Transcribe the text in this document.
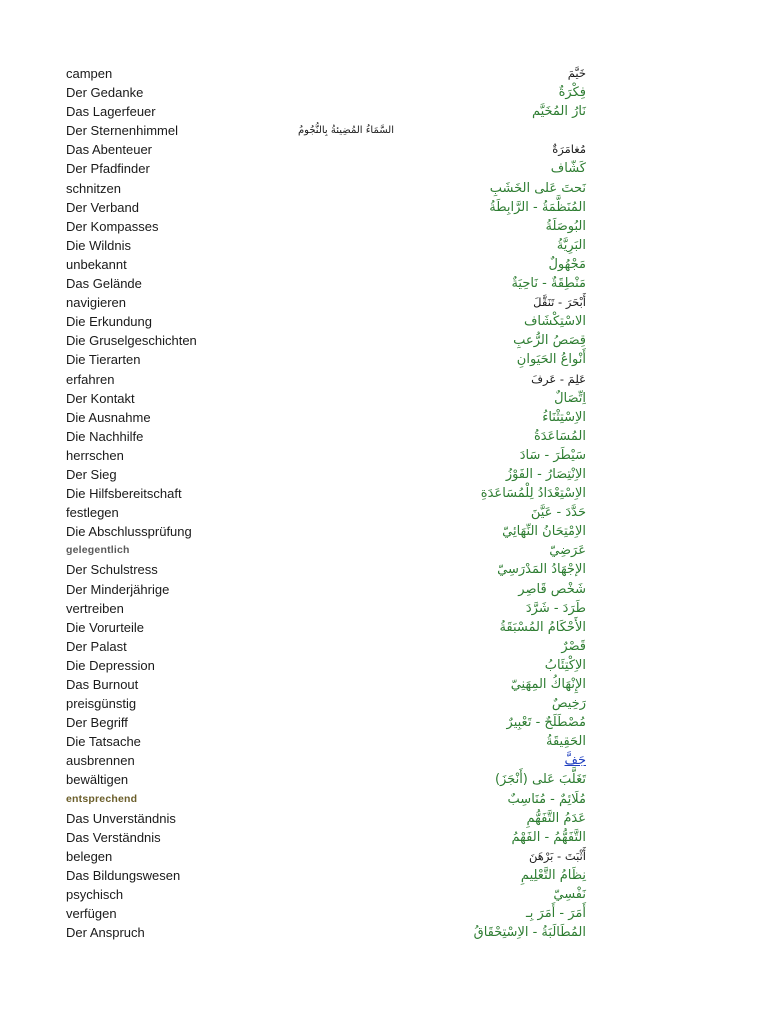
campen	خَيَّمَ
Der Gedanke	فِكْرَةٌ
Das Lagerfeuer	نَارُ المُخَيَّم
Der Sternenhimmel	السَّمَاءُ المُضِيئةُ بِالنُّجُومُ
Das Abenteuer	مُغامَرَةٌ
Der Pfadfinder	كَشّاف
schnitzen	نَحتَ عَلى الخَشَبِ
Der Verband	المُنَظَّمَةُ - الرَّابِطَةُ
Der Kompasses	البُوصَلَةُ
Die Wildnis	البَرِيَّةُ
unbekannt	مَجْهُولٌ
Das Gelände	مَنْطِقَةٌ - نَاحِيَةٌ
navigieren	أَبْحَرَ - تَنَقَّلَ
Die Erkundung	الاسْتِكْشَاف
Die Gruselgeschichten	قِصَصُ الرُّعبِ
Die Tierarten	أَنْواعُ الحَيَوانِ
erfahren	عَلِمَ - عَرفَ
Der Kontakt	اِتِّصَالٌ
Die Ausnahme	الاِسْتِثْنَاءُ
Die Nachhilfe	المُسَاعَدَةُ
herrschen	سَيْطَرَ - سَادَ
Der Sieg	الاِنْتِصَارُ - الفَوْزُ
Die Hilfsbereitschaft	الاِسْتِعْدَادُ لِلْمُسَاعَدَةِ
festlegen	حَدَّدَ - عَيَّنَ
Die Abschlussprüfung	الاِمْتِحَانُ النِّهَائِيّ
gelegentlich	عَرَضِيّ
Der Schulstress	الإجْهَادُ المَدْرَسِيّ
Der Minderjährige	شَخْص قَاصِر
vertreiben	طَرَدَ - شَرَّدَ
Die Vorurteile	الأَحْكَامُ المُسْبَقَةُ
Der Palast	قَصْرٌ
Die Depression	الاِكْتِئَابُ
Das Burnout	الإِنْهَاكُ المِهَنِيّ
preisgünstig	رَخِيصٌ
Der Begriff	مُصْطَلَحٌ - تَعْبِيرٌ
Die Tatsache	الحَقِيقَةُ
ausbrennen	جَفَّ
bewältigen	تَغَلَّبَ عَلى (أَنْجَزَ)
entsprechend	مُلَائِمٌ - مُنَاسِبٌ
Das Unverständnis	عَدَمُ التَّفَهُّمِ
Das Verständnis	التَّفَهُّمُ - الفَهْمُ
belegen	أَثْبَتَ - بَرْهَنَ
Das Bildungswesen	نِظَامُ التَّعْلِيمِ
psychisch	نَفْسِيّ
verfügen	أَمَرَ - أَمَرَ بِـ
Der Anspruch	المُطَالَبَةُ - الاِسْتِحْقَاقُ
